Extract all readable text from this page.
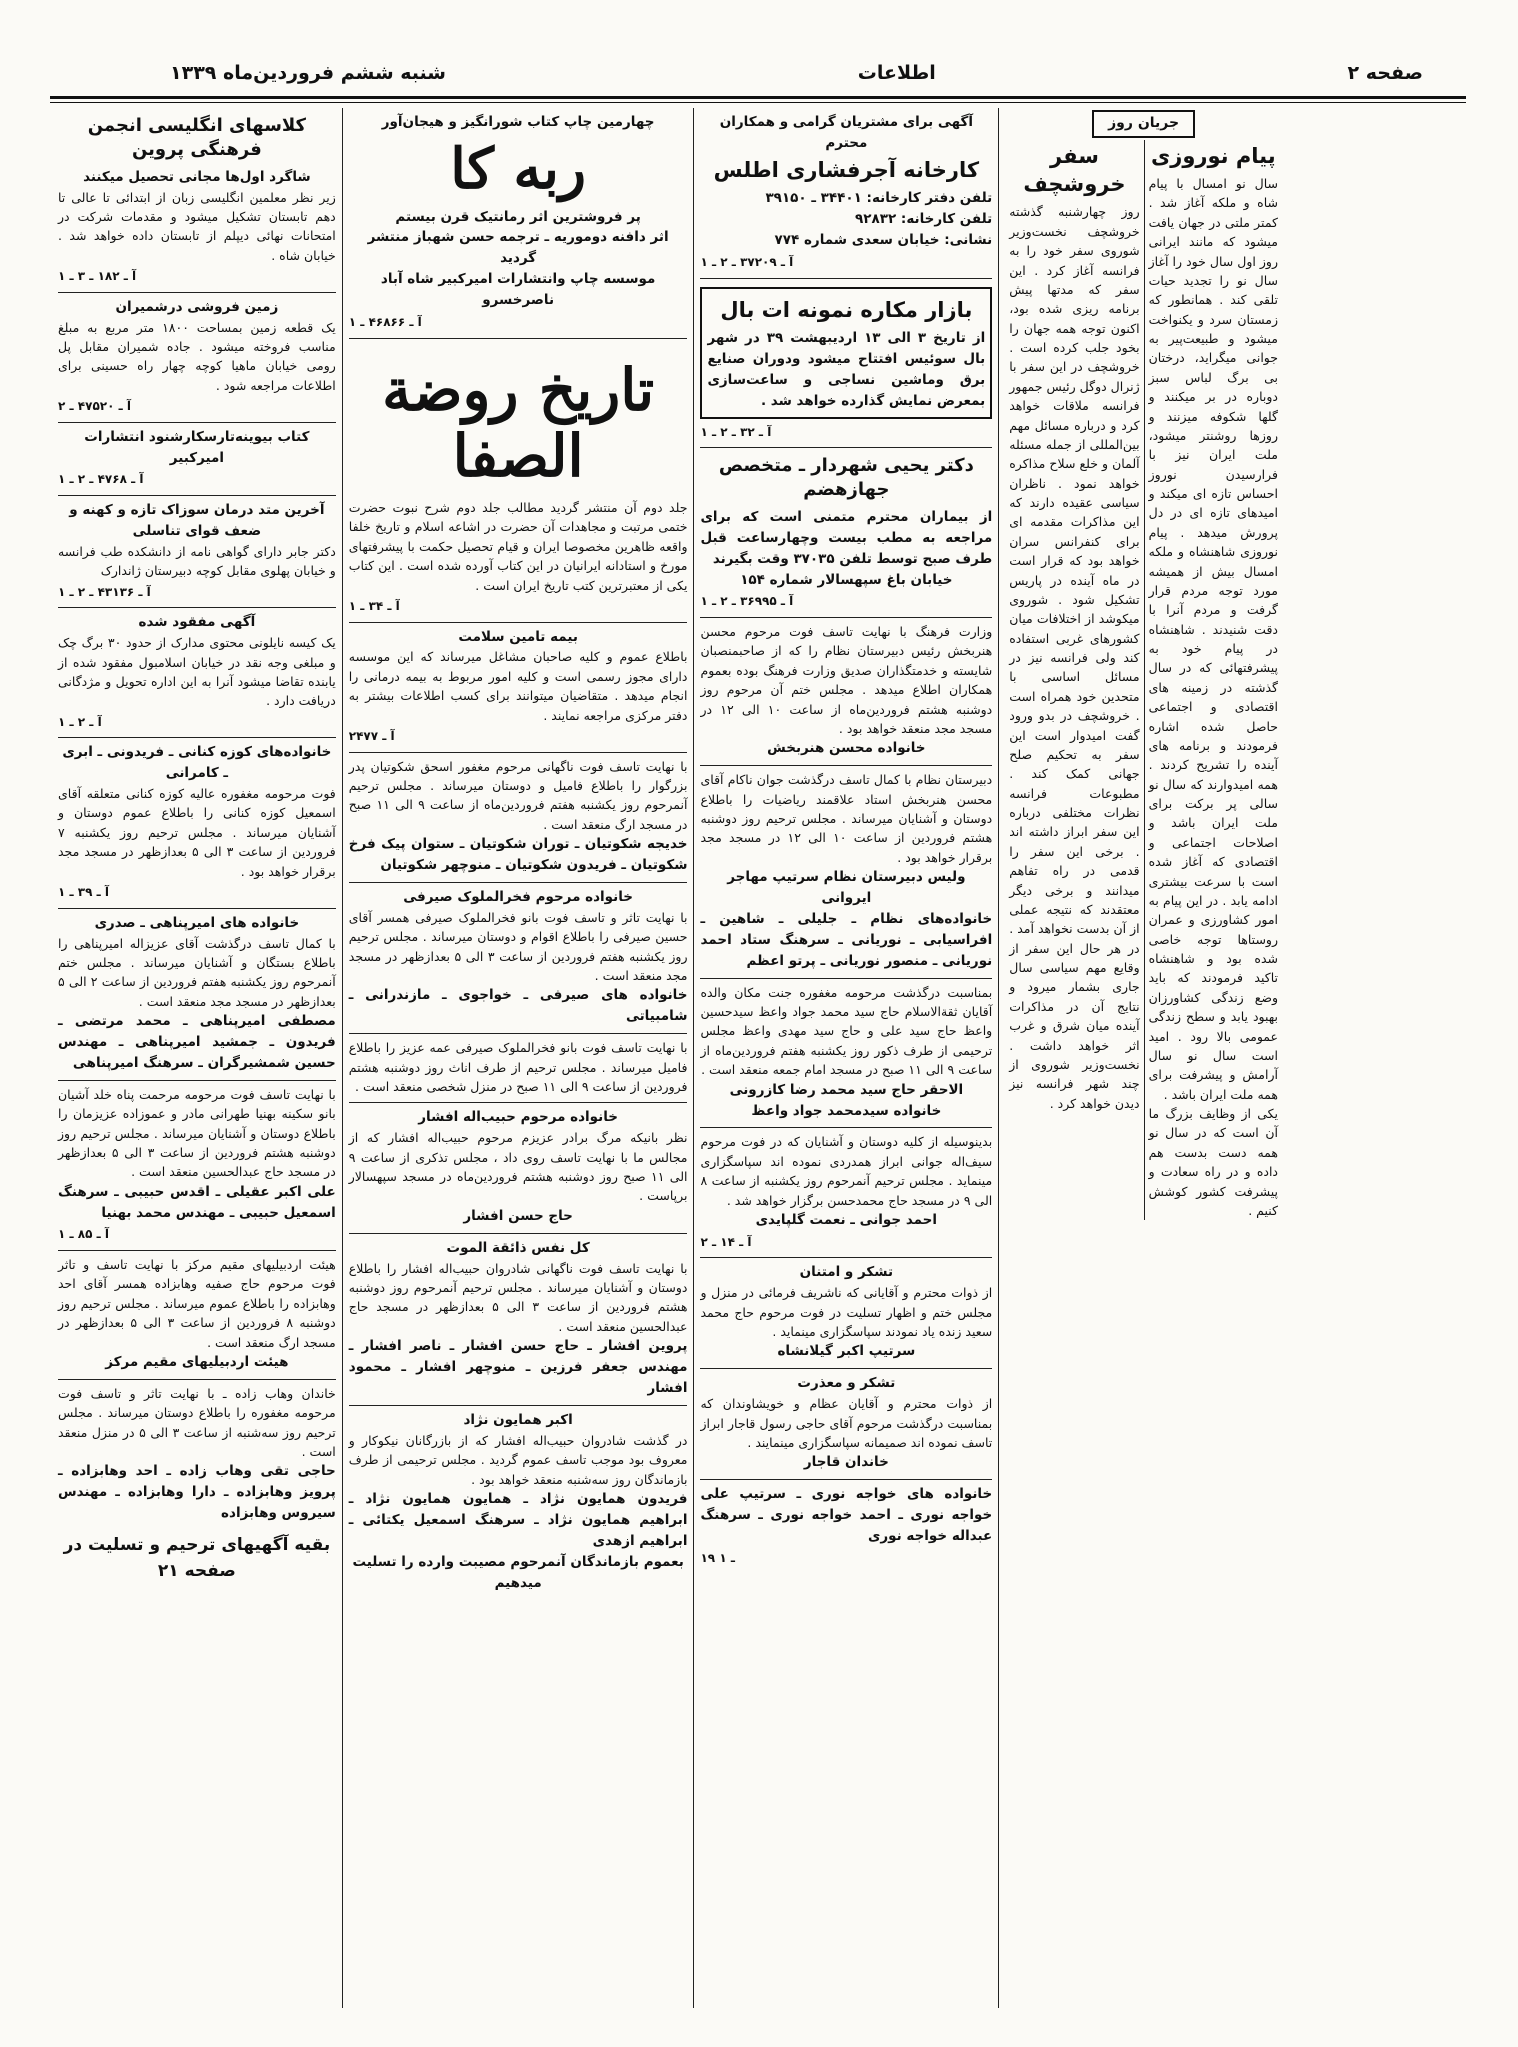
صفحه ۲
اطلاعات
شنبه ششم فروردین‌ماه ۱۳۳۹
جریان روز
پیام نوروزی

سال نو امسال با پیام شاه و ملکه آغاز شد . کمتر ملتی در جهان یافت میشود که مانند ایرانی روز اول سال خود را آغاز سال نو را تجدید حیات تلقی کند . همانطور که زمستان سرد و یکنواخت میشود و طبیعت‌پیر به جوانی میگراید، درختان بی برگ لباس سبز دوباره در بر میکنند و گلها شکوفه میزنند و روزها روشنتر میشود، ملت ایران نیز با فرارسیدن نوروز احساس تازه ای میکند و امیدهای تازه ای در دل پرورش میدهد . پیام نوروزی شاهنشاه و ملکه امسال بیش از همیشه مورد توجه مردم قرار گرفت و مردم آنرا با دقت شنیدند . شاهنشاه در پیام خود به پیشرفتهائی که در سال گذشته در زمینه های اقتصادی و اجتماعی حاصل شده اشاره فرمودند و برنامه های آینده را تشریح کردند . همه امیدوارند که سال نو سالی پر برکت برای ملت ایران باشد و اصلاحات اجتماعی و اقتصادی که آغاز شده است با سرعت بیشتری ادامه یابد . در این پیام به امور کشاورزی و عمران روستاها توجه خاصی شده بود و شاهنشاه تاکید فرمودند که باید وضع زندگی کشاورزان بهبود یابد و سطح زندگی عمومی بالا رود . امید است سال نو سال آرامش و پیشرفت برای همه ملت ایران باشد .

یکی از وظایف بزرگ ما آن است که در سال نو همه دست بدست هم داده و در راه سعادت و پیشرفت کشور کوشش کنیم .

سفر خروشچف

روز چهارشنبه گذشته خروشچف نخست‌وزیر شوروی سفر خود را به فرانسه آغاز کرد . این سفر که مدتها پیش برنامه ریزی شده بود، اکنون توجه همه جهان را بخود جلب کرده است . خروشچف در این سفر با ژنرال دوگل رئیس جمهور فرانسه ملاقات خواهد کرد و درباره مسائل مهم بین‌المللی از جمله مسئله آلمان و خلع سلاح مذاکره خواهد نمود . ناظران سیاسی عقیده دارند که این مذاکرات مقدمه ای برای کنفرانس سران خواهد بود که قرار است در ماه آینده در پاریس تشکیل شود . شوروی میکوشد از اختلافات میان کشورهای غربی استفاده کند ولی فرانسه نیز در مسائل اساسی با متحدین خود همراه است . خروشچف در بدو ورود گفت امیدوار است این سفر به تحکیم صلح جهانی کمک کند . مطبوعات فرانسه نظرات مختلفی درباره این سفر ابراز داشته اند . برخی این سفر را قدمی در راه تفاهم میدانند و برخی دیگر معتقدند که نتیجه عملی از آن بدست نخواهد آمد . در هر حال این سفر از وقایع مهم سیاسی سال جاری بشمار میرود و نتایج آن در مذاکرات آینده میان شرق و غرب اثر خواهد داشت . نخست‌وزیر شوروی از چند شهر فرانسه نیز دیدن خواهد کرد .

آگهی برای مشتریان گرامی و همکاران محترم
کارخانه آجرفشاری اطلس
تلفن دفتر کارخانه: ۳۴۴۰۱ ـ ۳۹۱۵۰
تلفن کارخانه: ۹۲۸۳۲
نشانی: خیابان سعدی شماره ۷۷۴
آ ـ ۳۷۲۰۹ ـ ۲ ـ ۱
بازار مکاره نمونه ات بال

از تاریخ ۳ الی ۱۳ اردیبهشت ۳۹ در شهر بال سوئیس افتتاح میشود ودوران صنایع برق وماشین نساجی و ساعت‌سازی بمعرض نمایش گذارده خواهد شد .

آ ـ ۳۲ ـ ۲ ـ ۱
دکتر یحیی شهردار ـ متخصص جهازهضم

از بیماران محترم متمنی است که برای مراجعه به مطب بیست وچهارساعت قبل طرف صبح توسط تلفن ۳۷۰۳۵ وقت بگیرند

خیابان باغ سپهسالار شماره ۱۵۴
آ ـ ۳۶۹۹۵ ـ ۲ ـ ۱

وزارت فرهنگ با نهایت تاسف فوت مرحوم محسن هنربخش رئیس دبیرستان نظام را که از صاحبمنصبان شایسته و خدمتگذاران صدیق وزارت فرهنگ بوده بعموم همکاران اطلاع میدهد . مجلس ختم آن مرحوم روز دوشنبه هشتم فروردین‌ماه از ساعت ۱۰ الی ۱۲ در مسجد مجد منعقد خواهد بود .

خانواده محسن هنربخش

دبیرستان نظام با کمال تاسف درگذشت جوان ناکام آقای محسن هنربخش استاد علاقمند ریاضیات را باطلاع دوستان و آشنایان میرساند . مجلس ترحیم روز دوشنبه هشتم فروردین از ساعت ۱۰ الی ۱۲ در مسجد مجد برقرار خواهد بود .

ولیس دبیرستان نظام سرتیپ مهاجر ایروانی

خانواده‌های نظام ـ جلیلی ـ شاهین ـ افراسیابی ـ نوریانی ـ سرهنگ ستاد احمد نوریانی ـ منصور نوریانی ـ پرتو اعظم

بمناسبت درگذشت مرحومه مغفوره جنت مکان والده آقایان ثقة‌الاسلام حاج سید محمد جواد واعظ سیدحسین واعظ حاج سید علی و حاج سید مهدی واعظ مجلس ترحیمی از طرف ذکور روز یکشنبه هفتم فروردین‌ماه از ساعت ۹ الی ۱۱ صبح در مسجد امام جمعه منعقد است .

الاحقر حاج سید محمد رضا کازرونی
خانواده سیدمحمد جواد واعظ

بدینوسیله از کلیه دوستان و آشنایان که در فوت مرحوم سیف‌اله جوانی ابراز همدردی نموده اند سپاسگزاری مینماید . مجلس ترحیم آنمرحوم روز یکشنبه از ساعت ۸ الی ۹ در مسجد حاج محمدحسن برگزار خواهد شد .

احمد جوانی ـ نعمت گلپایدی
آ ـ ۱۴ ـ ۲
تشکر و امتنان

از ذوات محترم و آقایانی که ناشریف فرمائی در منزل و مجلس ختم و اظهار تسلیت در فوت مرحوم حاج محمد سعید زنده یاد نمودند سپاسگزاری مینماید .

سرتیپ اکبر گیلانشاه
تشکر و معذرت

از ذوات محترم و آقایان عظام و خویشاوندان که بمناسبت درگذشت مرحوم آقای حاجی رسول قاجار ابراز تاسف نموده اند صمیمانه سپاسگزاری مینمایند .

خاندان قاجار

خانواده های خواجه نوری ـ سرتیپ علی خواجه نوری ـ احمد خواجه نوری ـ سرهنگ عبداله خواجه نوری

۱۹ ـ ۱
چهارمین چاپ کتاب شورانگیز و هیجان‌آور
ربه کا
پر فروشترین اثر رمانتیک قرن بیستم
اثر دافنه دوموریه ـ ترجمه حسن شهباز منتشر گردید
موسسه چاپ وانتشارات امیرکبیر شاه آباد ناصرخسرو
آ ـ ۴۶۸۶۶ ـ ۱
تاریخ روضة الصفا

جلد دوم آن منتشر گردید مطالب جلد دوم شرح نبوت حضرت ختمی مرتبت و مجاهدات آن حضرت در اشاعه اسلام و تاریخ خلفا واقعه ظاهرین مخصوصا ایران و قیام تحصیل حکمت با پیشرفتهای مورخ و استادانه ایرانیان در این کتاب آورده شده است . این کتاب یکی از معتبرترین کتب تاریخ ایران است .

آ ـ ۳۴ ـ ۱
بیمه تامین سلامت

باطلاع عموم و کلیه صاحبان مشاغل میرساند که این موسسه دارای مجوز رسمی است و کلیه امور مربوط به بیمه درمانی را انجام میدهد . متقاضیان میتوانند برای کسب اطلاعات بیشتر به دفتر مرکزی مراجعه نمایند .

آ ـ ۲۴۷۷

با نهایت تاسف فوت ناگهانی مرحوم مغفور اسحق شکوتیان پدر بزرگوار را باطلاع فامیل و دوستان میرساند . مجلس ترحیم آنمرحوم روز یکشنبه هفتم فروردین‌ماه از ساعت ۹ الی ۱۱ صبح در مسجد ارگ منعقد است .

خدیجه شکوتیان ـ توران شکوتیان ـ ستوان پیک فرخ شکوتیان ـ فریدون شکوتیان ـ منوچهر شکوتیان

خانواده مرحوم فخرالملوک صیرفی

با نهایت تاثر و تاسف فوت بانو فخرالملوک صیرفی همسر آقای حسین صیرفی را باطلاع اقوام و دوستان میرساند . مجلس ترحیم روز یکشنبه هفتم فروردین از ساعت ۳ الی ۵ بعدازظهر در مسجد مجد منعقد است .

خانواده های صیرفی ـ خواجوی ـ مازندرانی ـ شامبیاتی

با نهایت تاسف فوت بانو فخرالملوک صیرفی عمه عزیز را باطلاع فامیل میرساند . مجلس ترحیم از طرف اناث روز دوشنبه هشتم فروردین از ساعت ۹ الی ۱۱ صبح در منزل شخصی منعقد است .

خانواده مرحوم حبیب‌اله افشار

نظر بانیکه مرگ برادر عزیزم مرحوم حبیب‌اله افشار که از مجالس ما با نهایت تاسف روی داد ، مجلس تذکری از ساعت ۹ الی ۱۱ صبح روز دوشنبه هشتم فروردین‌ماه در مسجد سپهسالار برپاست .

حاج حسن افشار
کل نفس ذائقة الموت

با نهایت تاسف فوت ناگهانی شادروان حبیب‌اله افشار را باطلاع دوستان و آشنایان میرساند . مجلس ترحیم آنمرحوم روز دوشنبه هشتم فروردین از ساعت ۳ الی ۵ بعدازظهر در مسجد حاج عبدالحسین منعقد است .

پروین افشار ـ حاج حسن افشار ـ ناصر افشار ـ مهندس جعفر فرزین ـ منوچهر افشار ـ محمود افشار

اکبر همایون نژاد

در گذشت شادروان حبیب‌اله افشار که از بازرگانان نیکوکار و معروف بود موجب تاسف عموم گردید . مجلس ترحیمی از طرف بازماندگان روز سه‌شنبه منعقد خواهد بود .

فریدون همایون نژاد ـ همایون همایون نژاد ـ ابراهیم همایون نژاد ـ سرهنگ اسمعیل یکتائی ـ ابراهیم ازهدی

بعموم بازماندگان آنمرحوم مصیبت وارده را تسلیت میدهیم
کلاسهای انگلیسی انجمن فرهنگی پروین
شاگرد اول‌ها مجانی تحصیل میکنند

زیر نظر معلمین انگلیسی زبان از ابتدائی تا عالی تا دهم تابستان تشکیل میشود و مقدمات شرکت در امتحانات نهائی دیپلم از تابستان داده خواهد شد . خیابان شاه .

آ ـ ۱۸۲ ـ ۳ ـ ۱
زمین فروشی درشمیران

یک قطعه زمین بمساحت ۱۸۰۰ متر مربع به مبلغ مناسب فروخته میشود . جاده شمیران مقابل پل رومی خیابان ماهیا کوچه چهار راه حسینی برای اطلاعات مراجعه شود .

آ ـ ۴۷۵۲۰ ـ ۲
کتاب بیوینه‌تارسکارشنود انتشارات امیرکبیر
آ ـ ۴۷۶۸ ـ ۲ ـ ۱
آخرین متد درمان سوزاک تازه و کهنه و ضعف قوای تناسلی

دکتر جابر دارای گواهی نامه از دانشکده طب فرانسه و خیابان پهلوی مقابل کوچه دبیرستان ژاندارک

آ ـ ۴۳۱۳۶ ـ ۲ ـ ۱
آگهی مفقود شده

یک کیسه نایلونی محتوی مدارک از حدود ۳۰ برگ چک و مبلغی وجه نقد در خیابان اسلامبول مفقود شده از یابنده تقاضا میشود آنرا به این اداره تحویل و مژدگانی دریافت دارد .

آ ـ ۲ ـ ۱
خانواده‌های کوزه کنانی ـ فریدونی ـ ابری ـ کامرانی

فوت مرحومه مغفوره عالیه کوزه کنانی متعلقه آقای اسمعیل کوزه کنانی را باطلاع عموم دوستان و آشنایان میرساند . مجلس ترحیم روز یکشنبه ۷ فروردین از ساعت ۳ الی ۵ بعدازظهر در مسجد مجد برقرار خواهد بود .

آ ـ ۳۹ ـ ۱
خانواده های امیرپناهی ـ صدری

با کمال تاسف درگذشت آقای عزیزاله امیرپناهی را باطلاع بستگان و آشنایان میرساند . مجلس ختم آنمرحوم روز یکشنبه هفتم فروردین از ساعت ۲ الی ۵ بعدازظهر در مسجد مجد منعقد است .

مصطفی امیرپناهی ـ محمد مرتضی ـ فریدون ـ جمشید امیرپناهی ـ مهندس حسین شمشیرگران ـ سرهنگ امیرپناهی

با نهایت تاسف فوت مرحومه مرحمت پناه خلد آشیان بانو سکینه بهنیا طهرانی مادر و عموزاده عزیزمان را باطلاع دوستان و آشنایان میرساند . مجلس ترحیم روز دوشنبه هشتم فروردین از ساعت ۳ الی ۵ بعدازظهر در مسجد حاج عبدالحسین منعقد است .

علی اکبر عقیلی ـ اقدس حبیبی ـ سرهنگ اسمعیل حبیبی ـ مهندس محمد بهنیا

آ ـ ۸۵ ـ ۱

هیئت اردبیلیهای مقیم مرکز با نهایت تاسف و تاثر فوت مرحوم حاج صفیه وهابزاده همسر آقای احد وهابزاده را باطلاع عموم میرساند . مجلس ترحیم روز دوشنبه ۸ فروردین از ساعت ۳ الی ۵ بعدازظهر در مسجد ارگ منعقد است .

هیئت اردبیلیهای مقیم مرکز

خاندان وهاب زاده ـ با نهایت تاثر و تاسف فوت مرحومه مغفوره را باطلاع دوستان میرساند . مجلس ترحیم روز سه‌شنبه از ساعت ۳ الی ۵ در منزل منعقد است .

حاجی تقی وهاب زاده ـ احد وهابزاده ـ پرویز وهابزاده ـ دارا وهابزاده ـ مهندس سیروس وهابزاده

بقیه آگهیهای ترحیم و تسلیت در صفحه ۲۱
